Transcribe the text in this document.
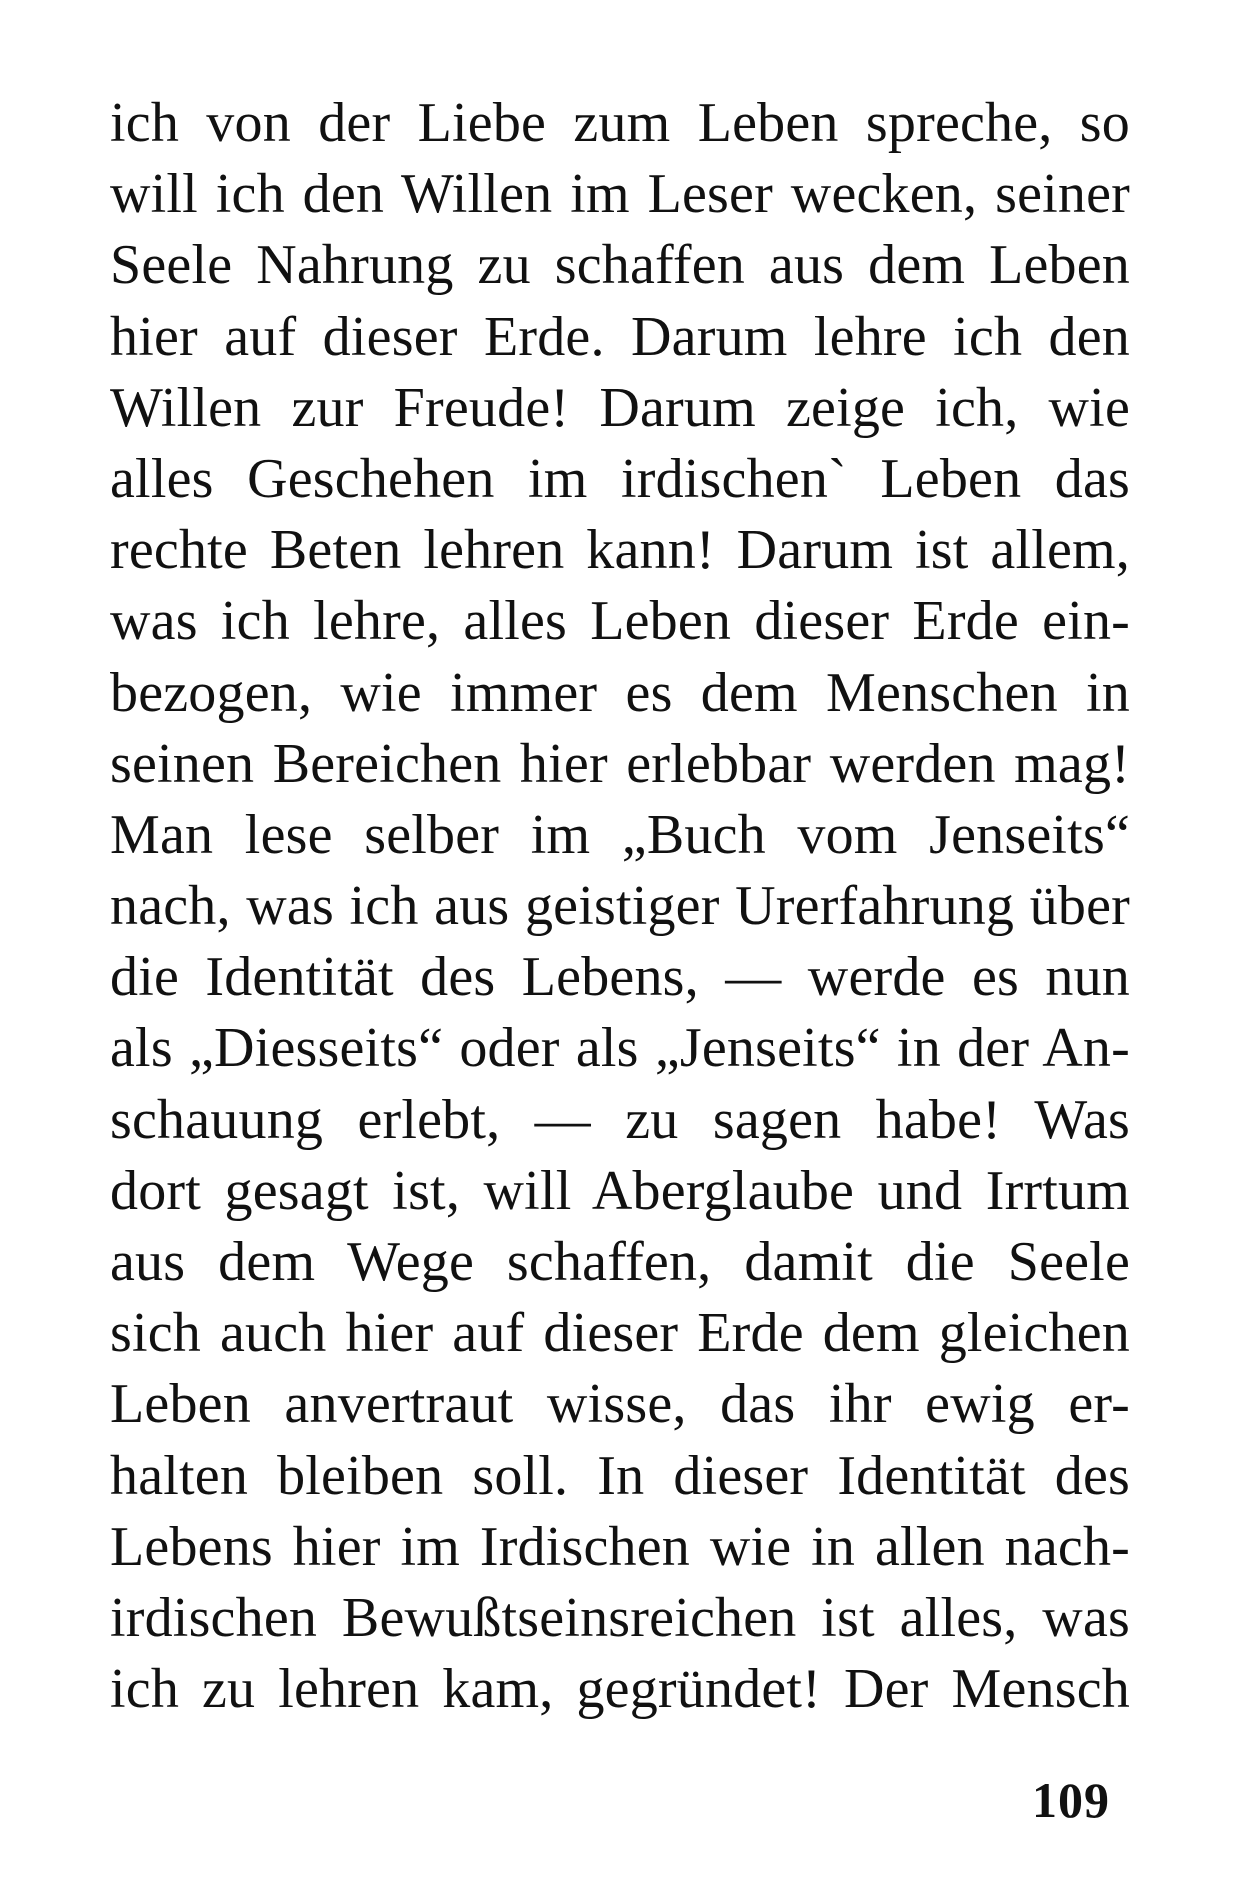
ich von der Liebe zum Leben spreche, so
will ich den Willen im Leser wecken, seiner
Seele Nahrung zu schaffen aus dem Leben
hier auf dieser Erde. Darum lehre ich den
Willen zur Freude! Darum zeige ich, wie
alles Geschehen im irdischen` Leben das
rechte Beten lehren kann! Darum ist allem,
was ich lehre, alles Leben dieser Erde ein-
bezogen, wie immer es dem Menschen in
seinen Bereichen hier erlebbar werden mag!
Man lese selber im „Buch vom Jenseits“
nach, was ich aus geistiger Urerfahrung über
die Identität des Lebens, — werde es nun
als „Diesseits“ oder als „Jenseits“ in der An-
schauung erlebt, — zu sagen habe! Was
dort gesagt ist, will Aberglaube und Irrtum
aus dem Wege schaffen, damit die Seele
sich auch hier auf dieser Erde dem gleichen
Leben anvertraut wisse, das ihr ewig er-
halten bleiben soll. In dieser Identität des
Lebens hier im Irdischen wie in allen nach-
irdischen Bewußtseinsreichen ist alles, was
ich zu lehren kam, gegründet! Der Mensch
109
